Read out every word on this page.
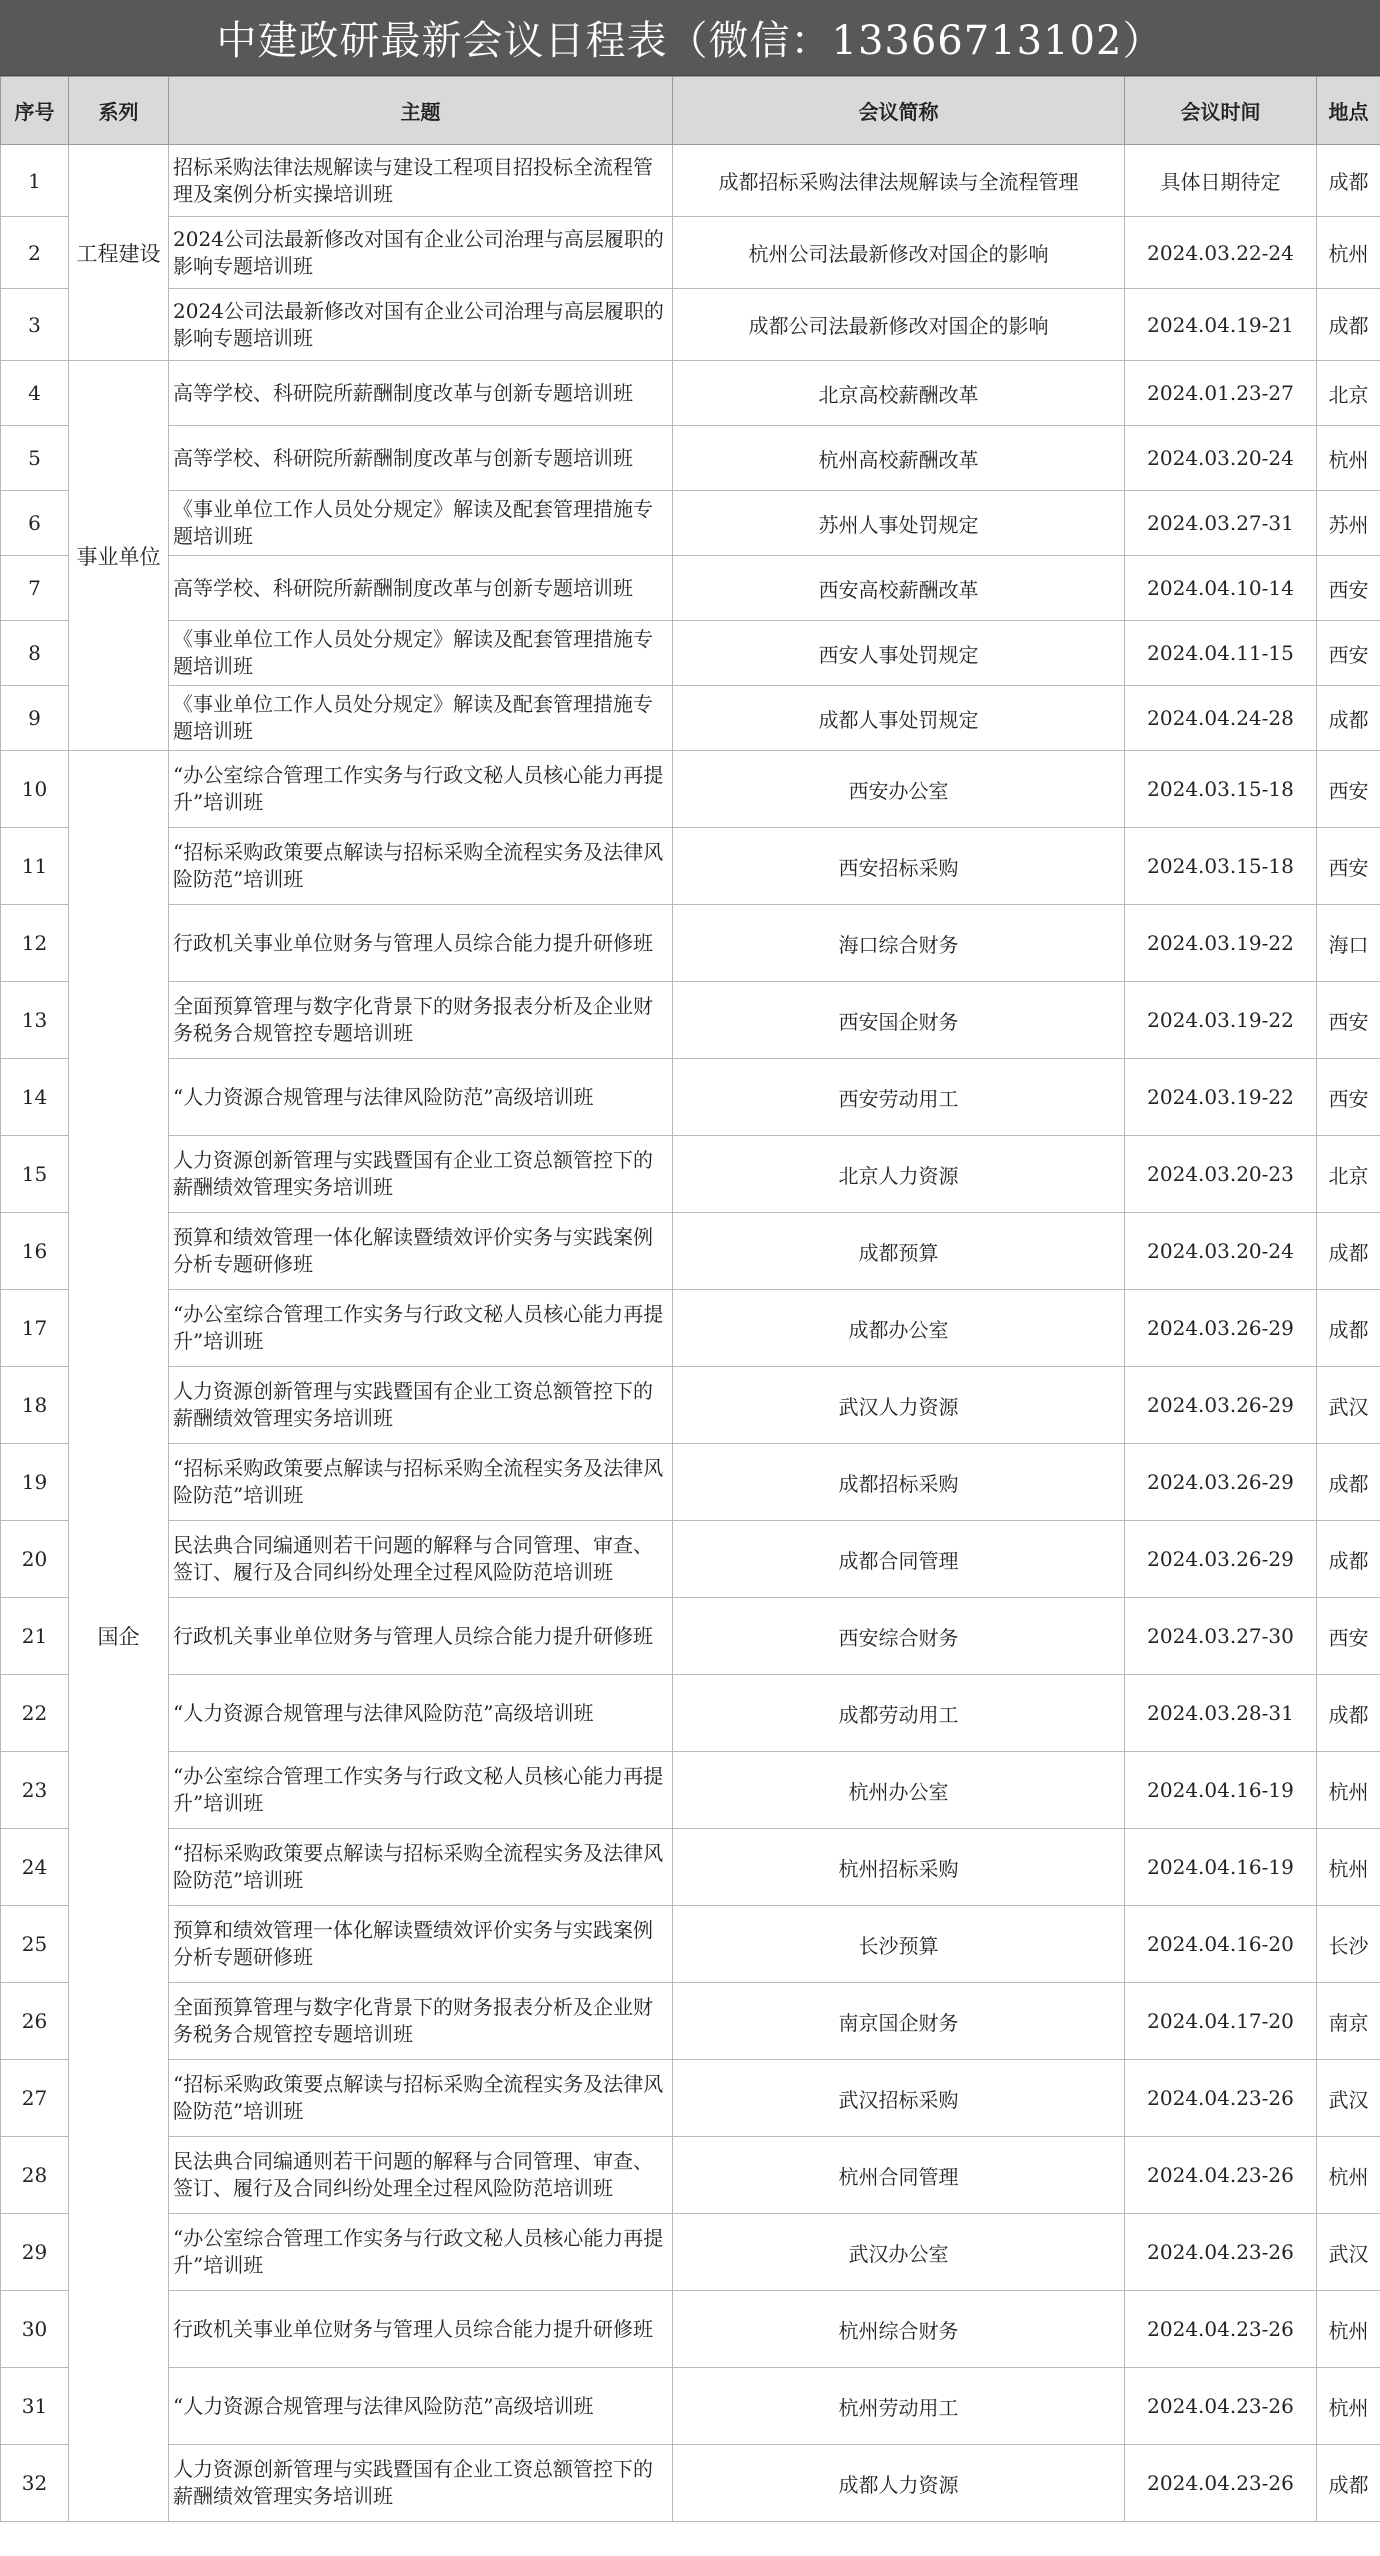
中建政研最新会议日程表（微信：13366713102）
序号	系列	主题	会议简称	会议时间	地点
1	工程建设	招标采购法律法规解读与建设工程项目招投标全流程管理及案例分析实操培训班	成都招标采购法律法规解读与全流程管理	具体日期待定	成都
2		2024公司法最新修改对国有企业公司治理与高层履职的影响专题培训班	杭州公司法最新修改对国企的影响	2024.03.22-24	杭州
3		2024公司法最新修改对国有企业公司治理与高层履职的影响专题培训班	成都公司法最新修改对国企的影响	2024.04.19-21	成都
4	事业单位	高等学校、科研院所薪酬制度改革与创新专题培训班	北京高校薪酬改革	2024.01.23-27	北京
5		高等学校、科研院所薪酬制度改革与创新专题培训班	杭州高校薪酬改革	2024.03.20-24	杭州
6		《事业单位工作人员处分规定》解读及配套管理措施专题培训班	苏州人事处罚规定	2024.03.27-31	苏州
7		高等学校、科研院所薪酬制度改革与创新专题培训班	西安高校薪酬改革	2024.04.10-14	西安
8		《事业单位工作人员处分规定》解读及配套管理措施专题培训班	西安人事处罚规定	2024.04.11-15	西安
9		《事业单位工作人员处分规定》解读及配套管理措施专题培训班	成都人事处罚规定	2024.04.24-28	成都
10	国企	“办公室综合管理工作实务与行政文秘人员核心能力再提升”培训班	西安办公室	2024.03.15-18	西安
11		“招标采购政策要点解读与招标采购全流程实务及法律风险防范”培训班	西安招标采购	2024.03.15-18	西安
12		行政机关事业单位财务与管理人员综合能力提升研修班	海口综合财务	2024.03.19-22	海口
13		全面预算管理与数字化背景下的财务报表分析及企业财务税务合规管控专题培训班	西安国企财务	2024.03.19-22	西安
14		“人力资源合规管理与法律风险防范”高级培训班	西安劳动用工	2024.03.19-22	西安
15		人力资源创新管理与实践暨国有企业工资总额管控下的薪酬绩效管理实务培训班	北京人力资源	2024.03.20-23	北京
16		预算和绩效管理一体化解读暨绩效评价实务与实践案例分析专题研修班	成都预算	2024.03.20-24	成都
17		“办公室综合管理工作实务与行政文秘人员核心能力再提升”培训班	成都办公室	2024.03.26-29	成都
18		人力资源创新管理与实践暨国有企业工资总额管控下的薪酬绩效管理实务培训班	武汉人力资源	2024.03.26-29	武汉
19		“招标采购政策要点解读与招标采购全流程实务及法律风险防范”培训班	成都招标采购	2024.03.26-29	成都
20		民法典合同编通则若干问题的解释与合同管理、审查、签订、履行及合同纠纷处理全过程风险防范培训班	成都合同管理	2024.03.26-29	成都
21		行政机关事业单位财务与管理人员综合能力提升研修班	西安综合财务	2024.03.27-30	西安
22		“人力资源合规管理与法律风险防范”高级培训班	成都劳动用工	2024.03.28-31	成都
23		“办公室综合管理工作实务与行政文秘人员核心能力再提升”培训班	杭州办公室	2024.04.16-19	杭州
24		“招标采购政策要点解读与招标采购全流程实务及法律风险防范”培训班	杭州招标采购	2024.04.16-19	杭州
25		预算和绩效管理一体化解读暨绩效评价实务与实践案例分析专题研修班	长沙预算	2024.04.16-20	长沙
26		全面预算管理与数字化背景下的财务报表分析及企业财务税务合规管控专题培训班	南京国企财务	2024.04.17-20	南京
27		“招标采购政策要点解读与招标采购全流程实务及法律风险防范”培训班	武汉招标采购	2024.04.23-26	武汉
28		民法典合同编通则若干问题的解释与合同管理、审查、签订、履行及合同纠纷处理全过程风险防范培训班	杭州合同管理	2024.04.23-26	杭州
29		“办公室综合管理工作实务与行政文秘人员核心能力再提升”培训班	武汉办公室	2024.04.23-26	武汉
30		行政机关事业单位财务与管理人员综合能力提升研修班	杭州综合财务	2024.04.23-26	杭州
31		“人力资源合规管理与法律风险防范”高级培训班	杭州劳动用工	2024.04.23-26	杭州
32		人力资源创新管理与实践暨国有企业工资总额管控下的薪酬绩效管理实务培训班	成都人力资源	2024.04.23-26	成都
